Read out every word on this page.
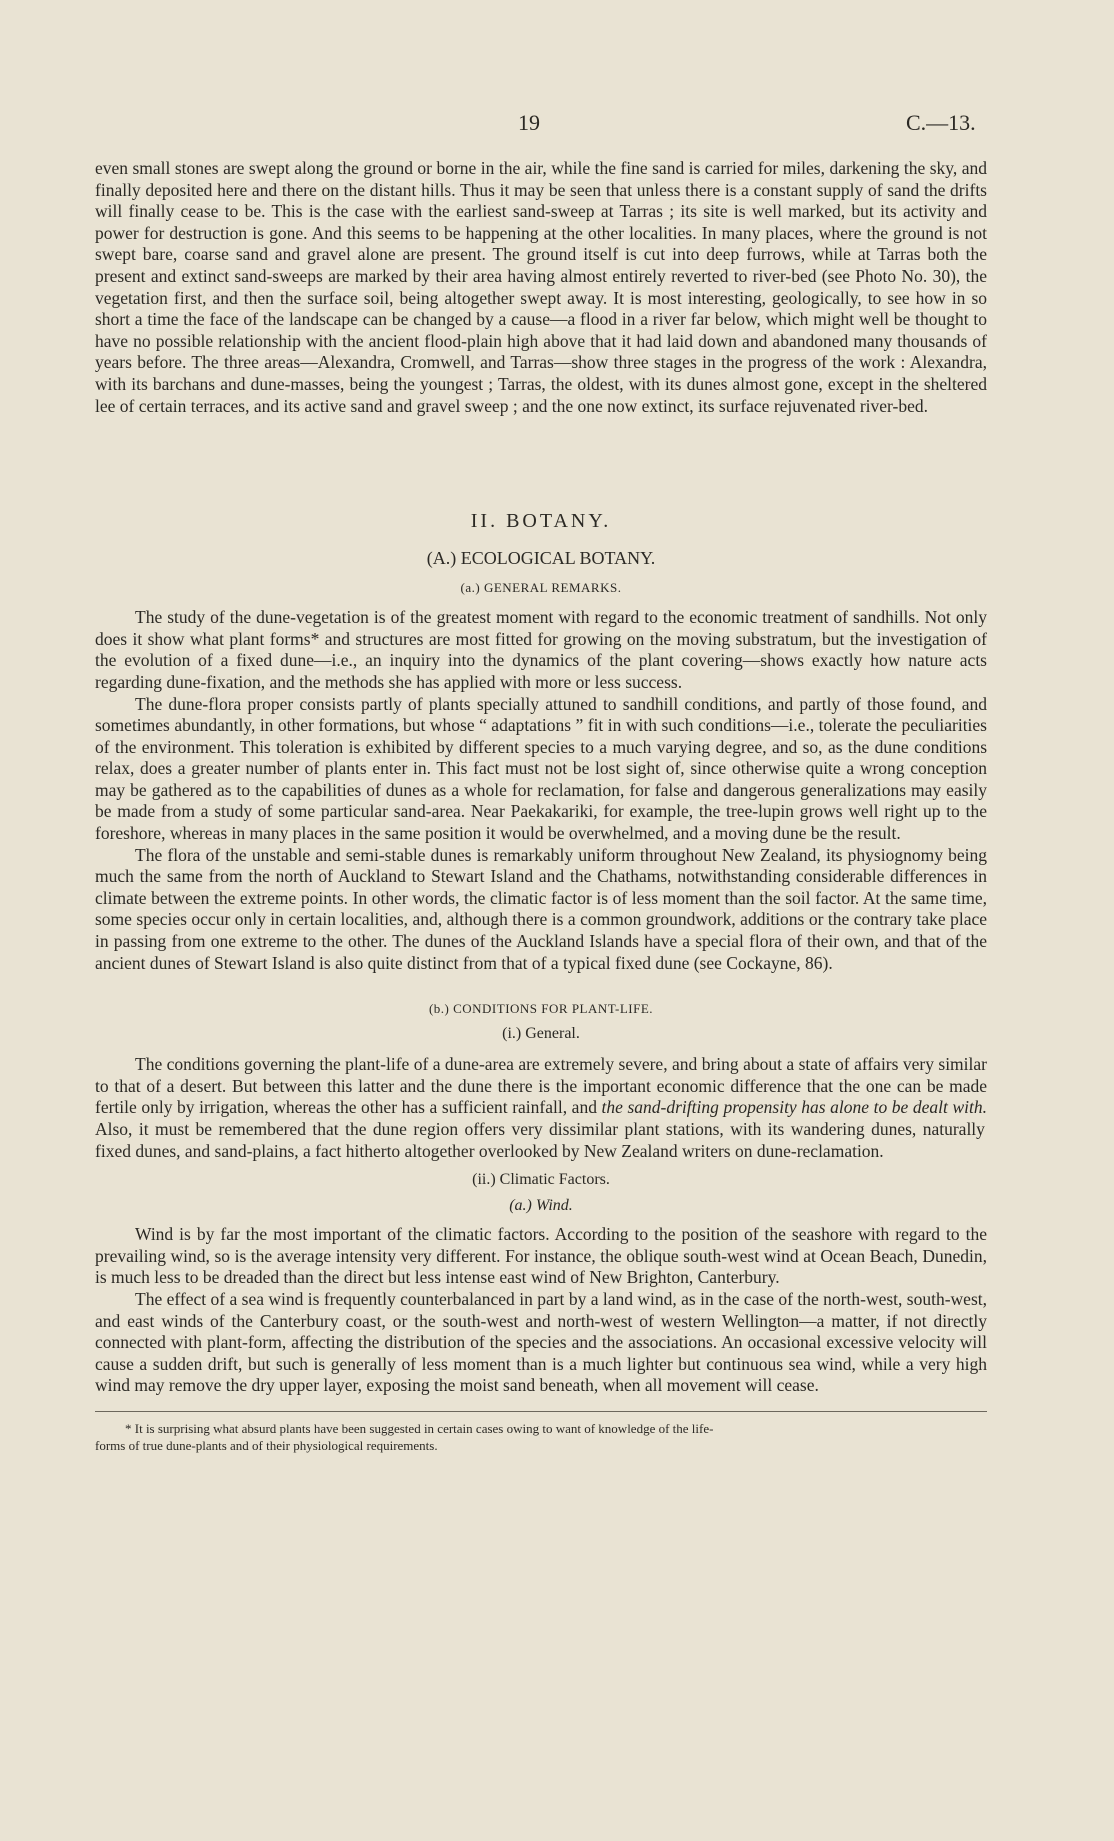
19	C.—13.

even small stones are swept along the ground or borne in the air, while the fine sand is carried for miles, darkening the sky, and finally deposited here and there on the distant hills. Thus it may be seen that unless there is a constant supply of sand the drifts will finally cease to be. This is the case with the earliest sand-sweep at Tarras ; its site is well marked, but its activity and power for destruction is gone. And this seems to be happening at the other localities. In many places, where the ground is not swept bare, coarse sand and gravel alone are present. The ground itself is cut into deep furrows, while at Tarras both the present and extinct sand-sweeps are marked by their area having almost entirely reverted to river-bed (see Photo No. 30), the vegetation first, and then the surface soil, being altogether swept away. It is most interesting, geologically, to see how in so short a time the face of the landscape can be changed by a cause—a flood in a river far below, which might well be thought to have no possible relationship with the ancient flood-plain high above that it had laid down and abandoned many thousands of years before. The three areas—Alexandra, Cromwell, and Tarras—show three stages in the progress of the work : Alexandra, with its barchans and dune-masses, being the youngest ; Tarras, the oldest, with its dunes almost gone, except in the sheltered lee of certain terraces, and its active sand and gravel sweep ; and the one now extinct, its surface rejuvenated river-bed.

II. BOTANY.
(A.) ECOLOGICAL BOTANY.
(a.) GENERAL REMARKS.

The study of the dune-vegetation is of the greatest moment with regard to the economic treatment of sandhills. Not only does it show what plant forms* and structures are most fitted for growing on the moving substratum, but the investigation of the evolution of a fixed dune—i.e., an inquiry into the dynamics of the plant covering—shows exactly how nature acts regarding dune-fixation, and the methods she has applied with more or less success.

The dune-flora proper consists partly of plants specially attuned to sandhill conditions, and partly of those found, and sometimes abundantly, in other formations, but whose “ adaptations ” fit in with such conditions—i.e., tolerate the peculiarities of the environment. This toleration is exhibited by different species to a much varying degree, and so, as the dune conditions relax, does a greater number of plants enter in. This fact must not be lost sight of, since otherwise quite a wrong conception may be gathered as to the capabilities of dunes as a whole for reclamation, for false and dangerous generalizations may easily be made from a study of some particular sand-area. Near Paekakariki, for example, the tree-lupin grows well right up to the foreshore, whereas in many places in the same position it would be overwhelmed, and a moving dune be the result.

The flora of the unstable and semi-stable dunes is remarkably uniform throughout New Zealand, its physiognomy being much the same from the north of Auckland to Stewart Island and the Chathams, notwithstanding considerable differences in climate between the extreme points. In other words, the climatic factor is of less moment than the soil factor. At the same time, some species occur only in certain localities, and, although there is a common groundwork, additions or the contrary take place in passing from one extreme to the other. The dunes of the Auckland Islands have a special flora of their own, and that of the ancient dunes of Stewart Island is also quite distinct from that of a typical fixed dune (see Cockayne, 86).

(b.) CONDITIONS FOR PLANT-LIFE.
(i.) General.

The conditions governing the plant-life of a dune-area are extremely severe, and bring about a state of affairs very similar to that of a desert. But between this latter and the dune there is the important economic difference that the one can be made fertile only by irrigation, whereas the other has a sufficient rainfall, and the sand-drifting propensity has alone to be dealt with. Also, it must be remembered that the dune region offers very dissimilar plant stations, with its wandering dunes, naturally fixed dunes, and sand-plains, a fact hitherto altogether overlooked by New Zealand writers on dune-reclamation.

(ii.) Climatic Factors.
(a.) Wind.

Wind is by far the most important of the climatic factors. According to the position of the seashore with regard to the prevailing wind, so is the average intensity very different. For instance, the oblique south-west wind at Ocean Beach, Dunedin, is much less to be dreaded than the direct but less intense east wind of New Brighton, Canterbury.

The effect of a sea wind is frequently counterbalanced in part by a land wind, as in the case of the north-west, south-west, and east winds of the Canterbury coast, or the south-west and north-west of western Wellington—a matter, if not directly connected with plant-form, affecting the distribution of the species and the associations. An occasional excessive velocity will cause a sudden drift, but such is generally of less moment than is a much lighter but continuous sea wind, while a very high wind may remove the dry upper layer, exposing the moist sand beneath, when all movement will cease.

* It is surprising what absurd plants have been suggested in certain cases owing to want of knowledge of the life-
forms of true dune-plants and of their physiological requirements.
